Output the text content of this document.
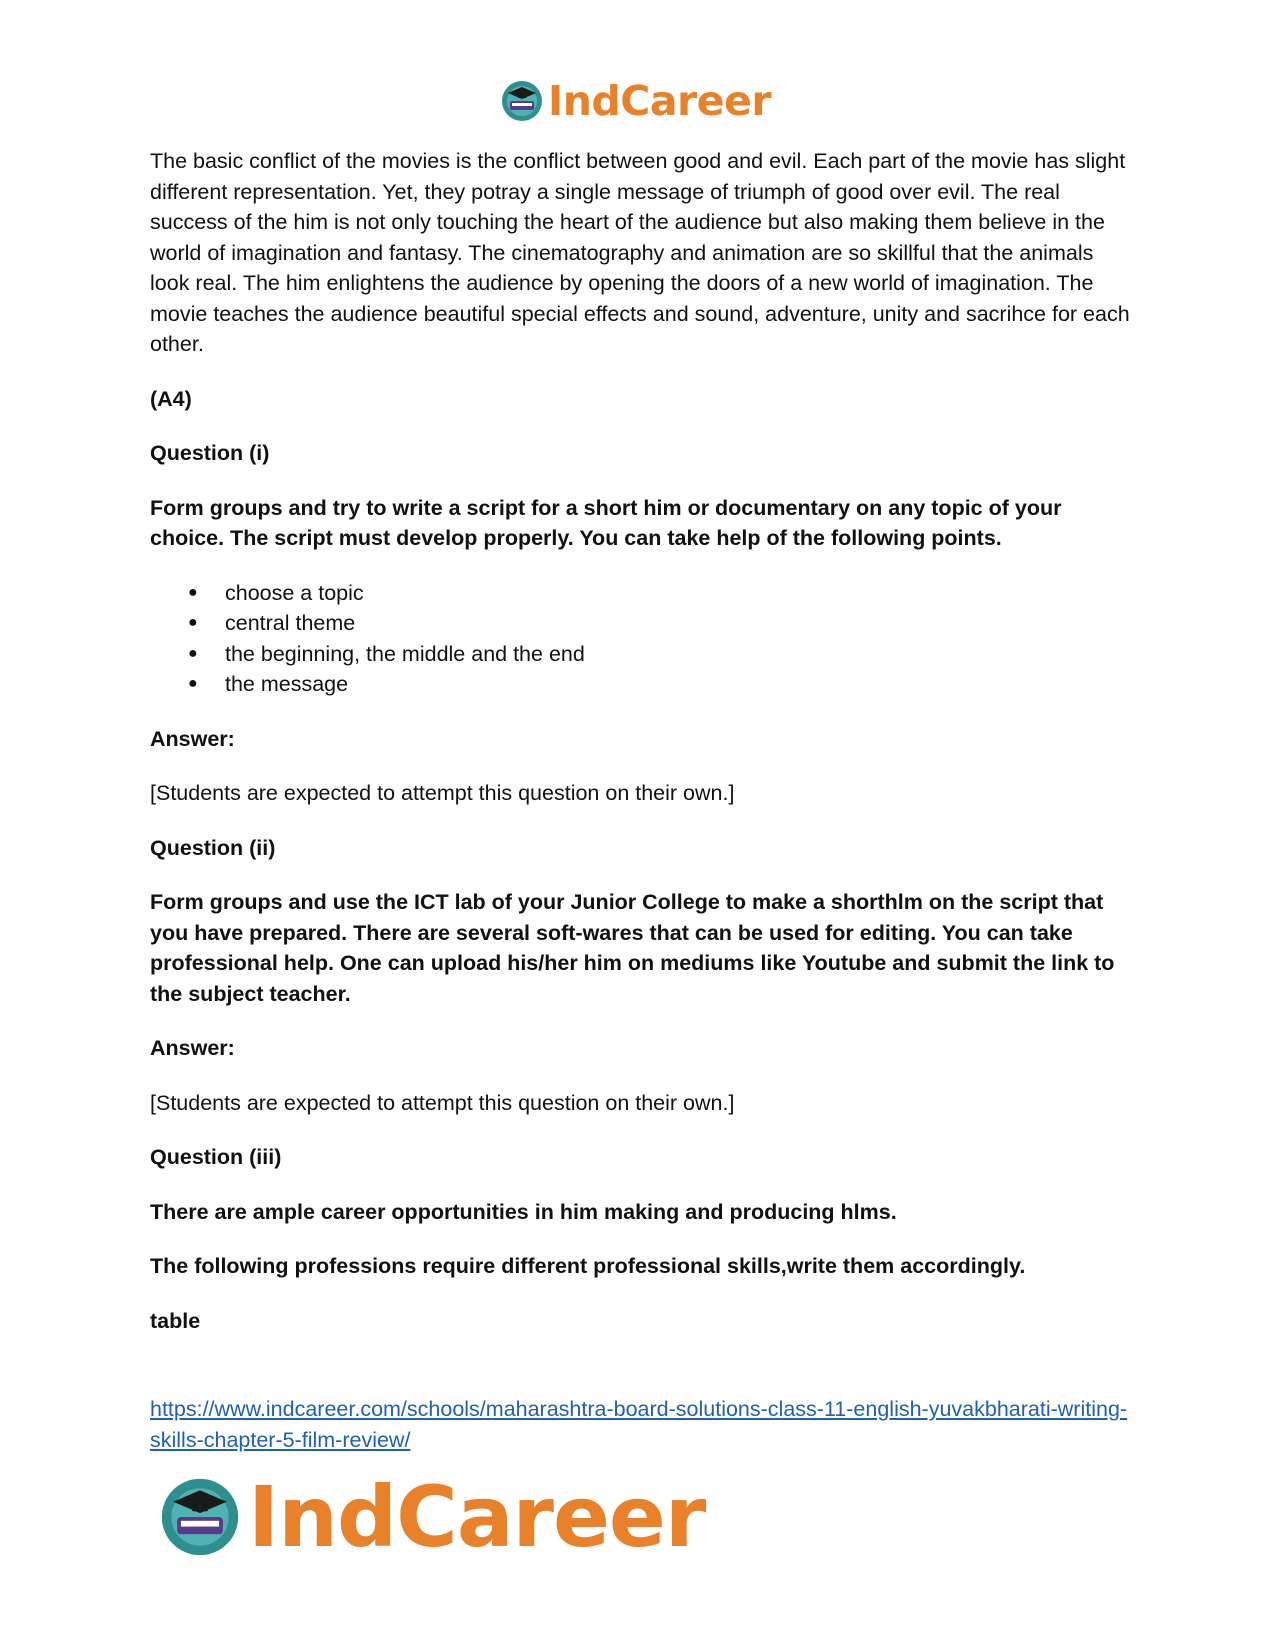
IndCareer

The basic conflict of the movies is the conflict between good and evil. Each part of the movie has slight different representation. Yet, they potray a single message of triumph of good over evil. The real success of the him is not only touching the heart of the audience but also making them believe in the world of imagination and fantasy. The cinematography and animation are so skillful that the animals look real. The him enlightens the audience by opening the doors of a new world of imagination. The movie teaches the audience beautiful special effects and sound, adventure, unity and sacrihce for each other.

(A4)

Question (i)

Form groups and try to write a script for a short him or documentary on any topic of your choice. The script must develop properly. You can take help of the following points.

● choose a topic
● central theme
● the beginning, the middle and the end
● the message

Answer:

[Students are expected to attempt this question on their own.]

Question (ii)

Form groups and use the ICT lab of your Junior College to make a shorthlm on the script that you have prepared. There are several soft-wares that can be used for editing. You can take professional help. One can upload his/her him on mediums like Youtube and submit the link to the subject teacher.

Answer:

[Students are expected to attempt this question on their own.]

Question (iii)

There are ample career opportunities in him making and producing hlms.

The following professions require different professional skills,write them accordingly.

table

https://www.indcareer.com/schools/maharashtra-board-solutions-class-11-english-yuvakbharati-writing-skills-chapter-5-film-review/
IndCareer
